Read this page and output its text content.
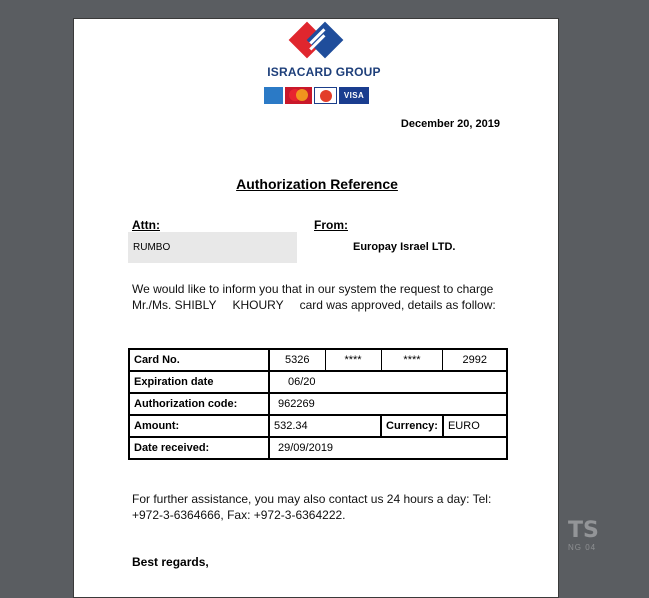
ISRACARD GROUP
VISA
December 20, 2019
Authorization Reference
Attn:	From:
RUMBO	Europay Israel LTD.
We would like to inform you that in our system the request to charge Mr./Ms. SHIBLY KHOURY card was approved, details as follow:
Card No.	5326	****	****	2992
Expiration date	06/20			
Authorization code:	962269			
Amount:	532.34		Currency:	EURO
Date received:	29/09/2019			
For further assistance, you may also contact us 24 hours a day: Tel: +972-3-6364666, Fax: +972-3-6364222.
Best regards,
TS
NG 04
